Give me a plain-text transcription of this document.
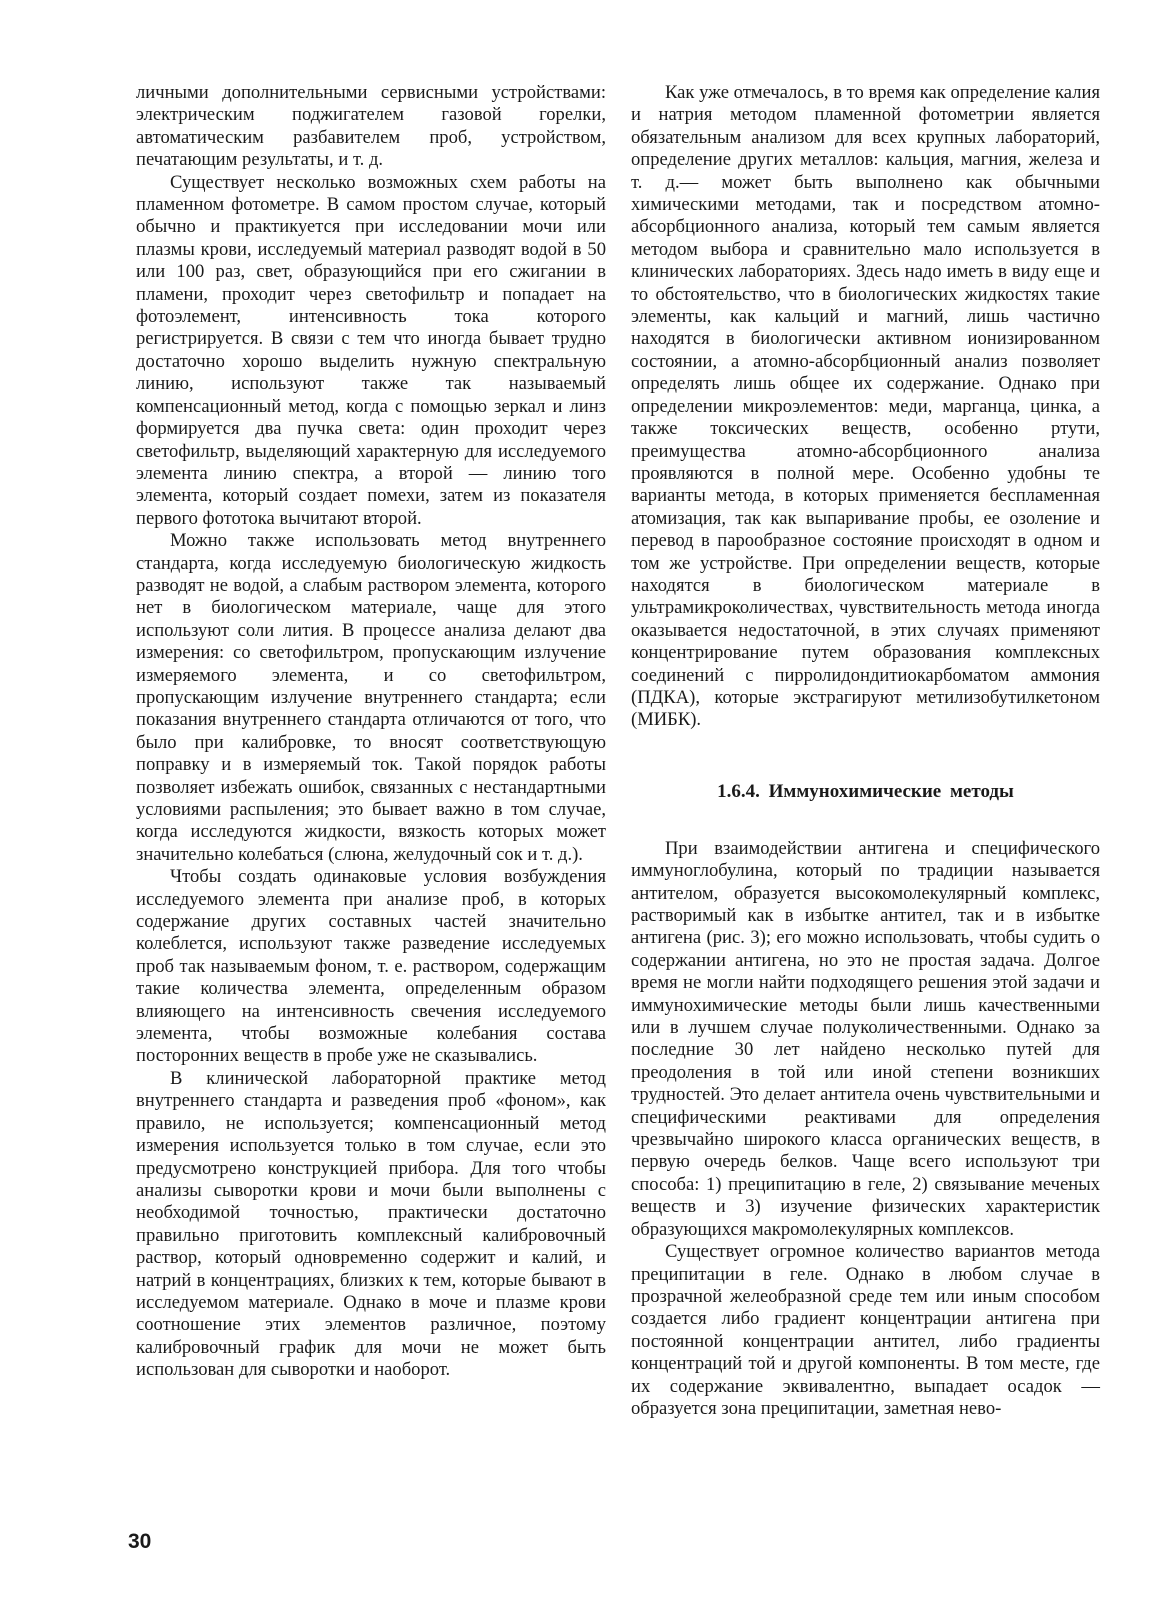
личными дополнительными сервисными устройствами: электрическим поджигателем газовой горелки, автоматическим разбавителем проб, устройством, печатающим результаты, и т. д.

Существует несколько возможных схем работы на пламенном фотометре. В самом простом случае, который обычно и практикуется при исследовании мочи или плазмы крови, исследуемый материал разводят водой в 50 или 100 раз, свет, образующийся при его сжигании в пламени, проходит через светофильтр и попадает на фотоэлемент, интенсивность тока которого регистрируется. В связи с тем что иногда бывает трудно достаточно хорошо выделить нужную спектральную линию, используют также так называемый компенсационный метод, когда с помощью зеркал и линз формируется два пучка света: один проходит через светофильтр, выделяющий характерную для исследуемого элемента линию спектра, а второй — линию того элемента, который создает помехи, затем из показателя первого фототока вычитают второй.

Можно также использовать метод внутреннего стандарта, когда исследуемую биологическую жидкость разводят не водой, а слабым раствором элемента, которого нет в биологическом материале, чаще для этого используют соли лития. В процессе анализа делают два измерения: со светофильтром, пропускающим излучение измеряемого элемента, и со светофильтром, пропускающим излучение внутреннего стандарта; если показания внутреннего стандарта отличаются от того, что было при калибровке, то вносят соответствующую поправку и в измеряемый ток. Такой порядок работы позволяет избежать ошибок, связанных с нестандартными условиями распыления; это бывает важно в том случае, когда исследуются жидкости, вязкость которых может значительно колебаться (слюна, желудочный сок и т. д.).

Чтобы создать одинаковые условия возбуждения исследуемого элемента при анализе проб, в которых содержание других составных частей значительно колеблется, используют также разведение исследуемых проб так называемым фоном, т. е. раствором, содержащим такие количества элемента, определенным образом влияющего на интенсивность свечения исследуемого элемента, чтобы возможные колебания состава посторонних веществ в пробе уже не сказывались.

В клинической лабораторной практике метод внутреннего стандарта и разведения проб «фоном», как правило, не используется; компенсационный метод измерения используется только в том случае, если это предусмотрено конструкцией прибора. Для того чтобы анализы сыворотки крови и мочи были выполнены с необходимой точностью, практически достаточно правильно приготовить комплексный калибровочный раствор, который одновременно содержит и калий, и натрий в концентрациях, близких к тем, которые бывают в исследуемом материале. Однако в моче и плазме крови соотношение этих элементов различное, поэтому калибровочный график для мочи не может быть использован для сыворотки и наоборот.

Как уже отмечалось, в то время как определение калия и натрия методом пламенной фотометрии является обязательным анализом для всех крупных лабораторий, определение других металлов: кальция, магния, железа и т. д.— может быть выполнено как обычными химическими методами, так и посредством атомно-абсорбционного анализа, который тем самым является методом выбора и сравнительно мало используется в клинических лабораториях. Здесь надо иметь в виду еще и то обстоятельство, что в биологических жидкостях такие элементы, как кальций и магний, лишь частично находятся в биологически активном ионизированном состоянии, а атомно-абсорбционный анализ позволяет определять лишь общее их содержание. Однако при определении микроэлементов: меди, марганца, цинка, а также токсических веществ, особенно ртути, преимущества атомно-абсорбционного анализа проявляются в полной мере. Особенно удобны те варианты метода, в которых применяется беспламенная атомизация, так как выпаривание пробы, ее озоление и перевод в парообразное состояние происходят в одном и том же устройстве. При определении веществ, которые находятся в биологическом материале в ультрамикроколичествах, чувствительность метода иногда оказывается недостаточной, в этих случаях применяют концентрирование путем образования комплексных соединений с пирролидондитиокарбоматом аммония (ПДКА), которые экстрагируют метилизобутилкетоном (МИБК).

1.6.4. Иммунохимические методы

При взаимодействии антигена и специфического иммуноглобулина, который по традиции называется антителом, образуется высокомолекулярный комплекс, растворимый как в избытке антител, так и в избытке антигена (рис. 3); его можно использовать, чтобы судить о содержании антигена, но это не простая задача. Долгое время не могли найти подходящего решения этой задачи и иммунохимические методы были лишь качественными или в лучшем случае полуколичественными. Однако за последние 30 лет найдено несколько путей для преодоления в той или иной степени возникших трудностей. Это делает антитела очень чувствительными и специфическими реактивами для определения чрезвычайно широкого класса органических веществ, в первую очередь белков. Чаще всего используют три способа: 1) преципитацию в геле, 2) связывание меченых веществ и 3) изучение физических характеристик образующихся макромолекулярных комплексов.

Существует огромное количество вариантов метода преципитации в геле. Однако в любом случае в прозрачной желеобразной среде тем или иным способом создается либо градиент концентрации антигена при постоянной концентрации антител, либо градиенты концентраций той и другой компоненты. В том месте, где их содержание эквивалентно, выпадает осадок — образуется зона преципитации, заметная нево-

30
